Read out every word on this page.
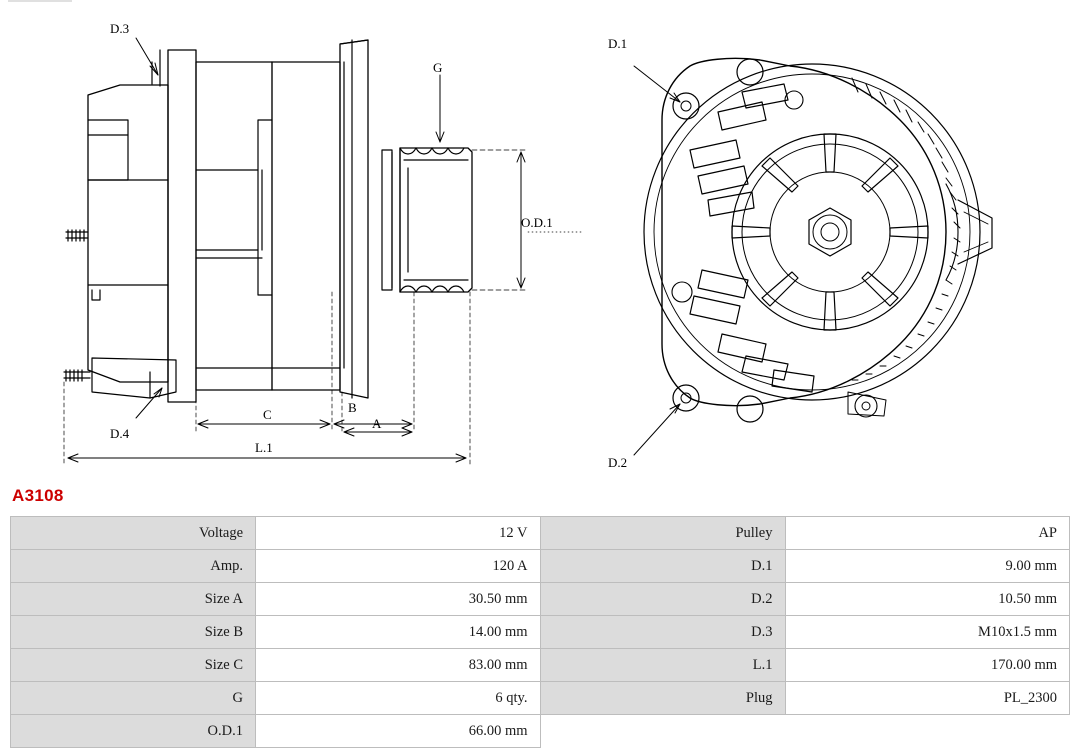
D.3
D.4
G
O.D.1
C	B
A
L.1
D.1
D.2
A3108
Voltage	12 V	Pulley	AP
Amp.	120 A	D.1	9.00 mm
Size A	30.50 mm	D.2	10.50 mm
Size B	14.00 mm	D.3	M10x1.5 mm
Size C	83.00 mm	L.1	170.00 mm
G	6 qty.	Plug	PL_2300
O.D.1	66.00 mm		
